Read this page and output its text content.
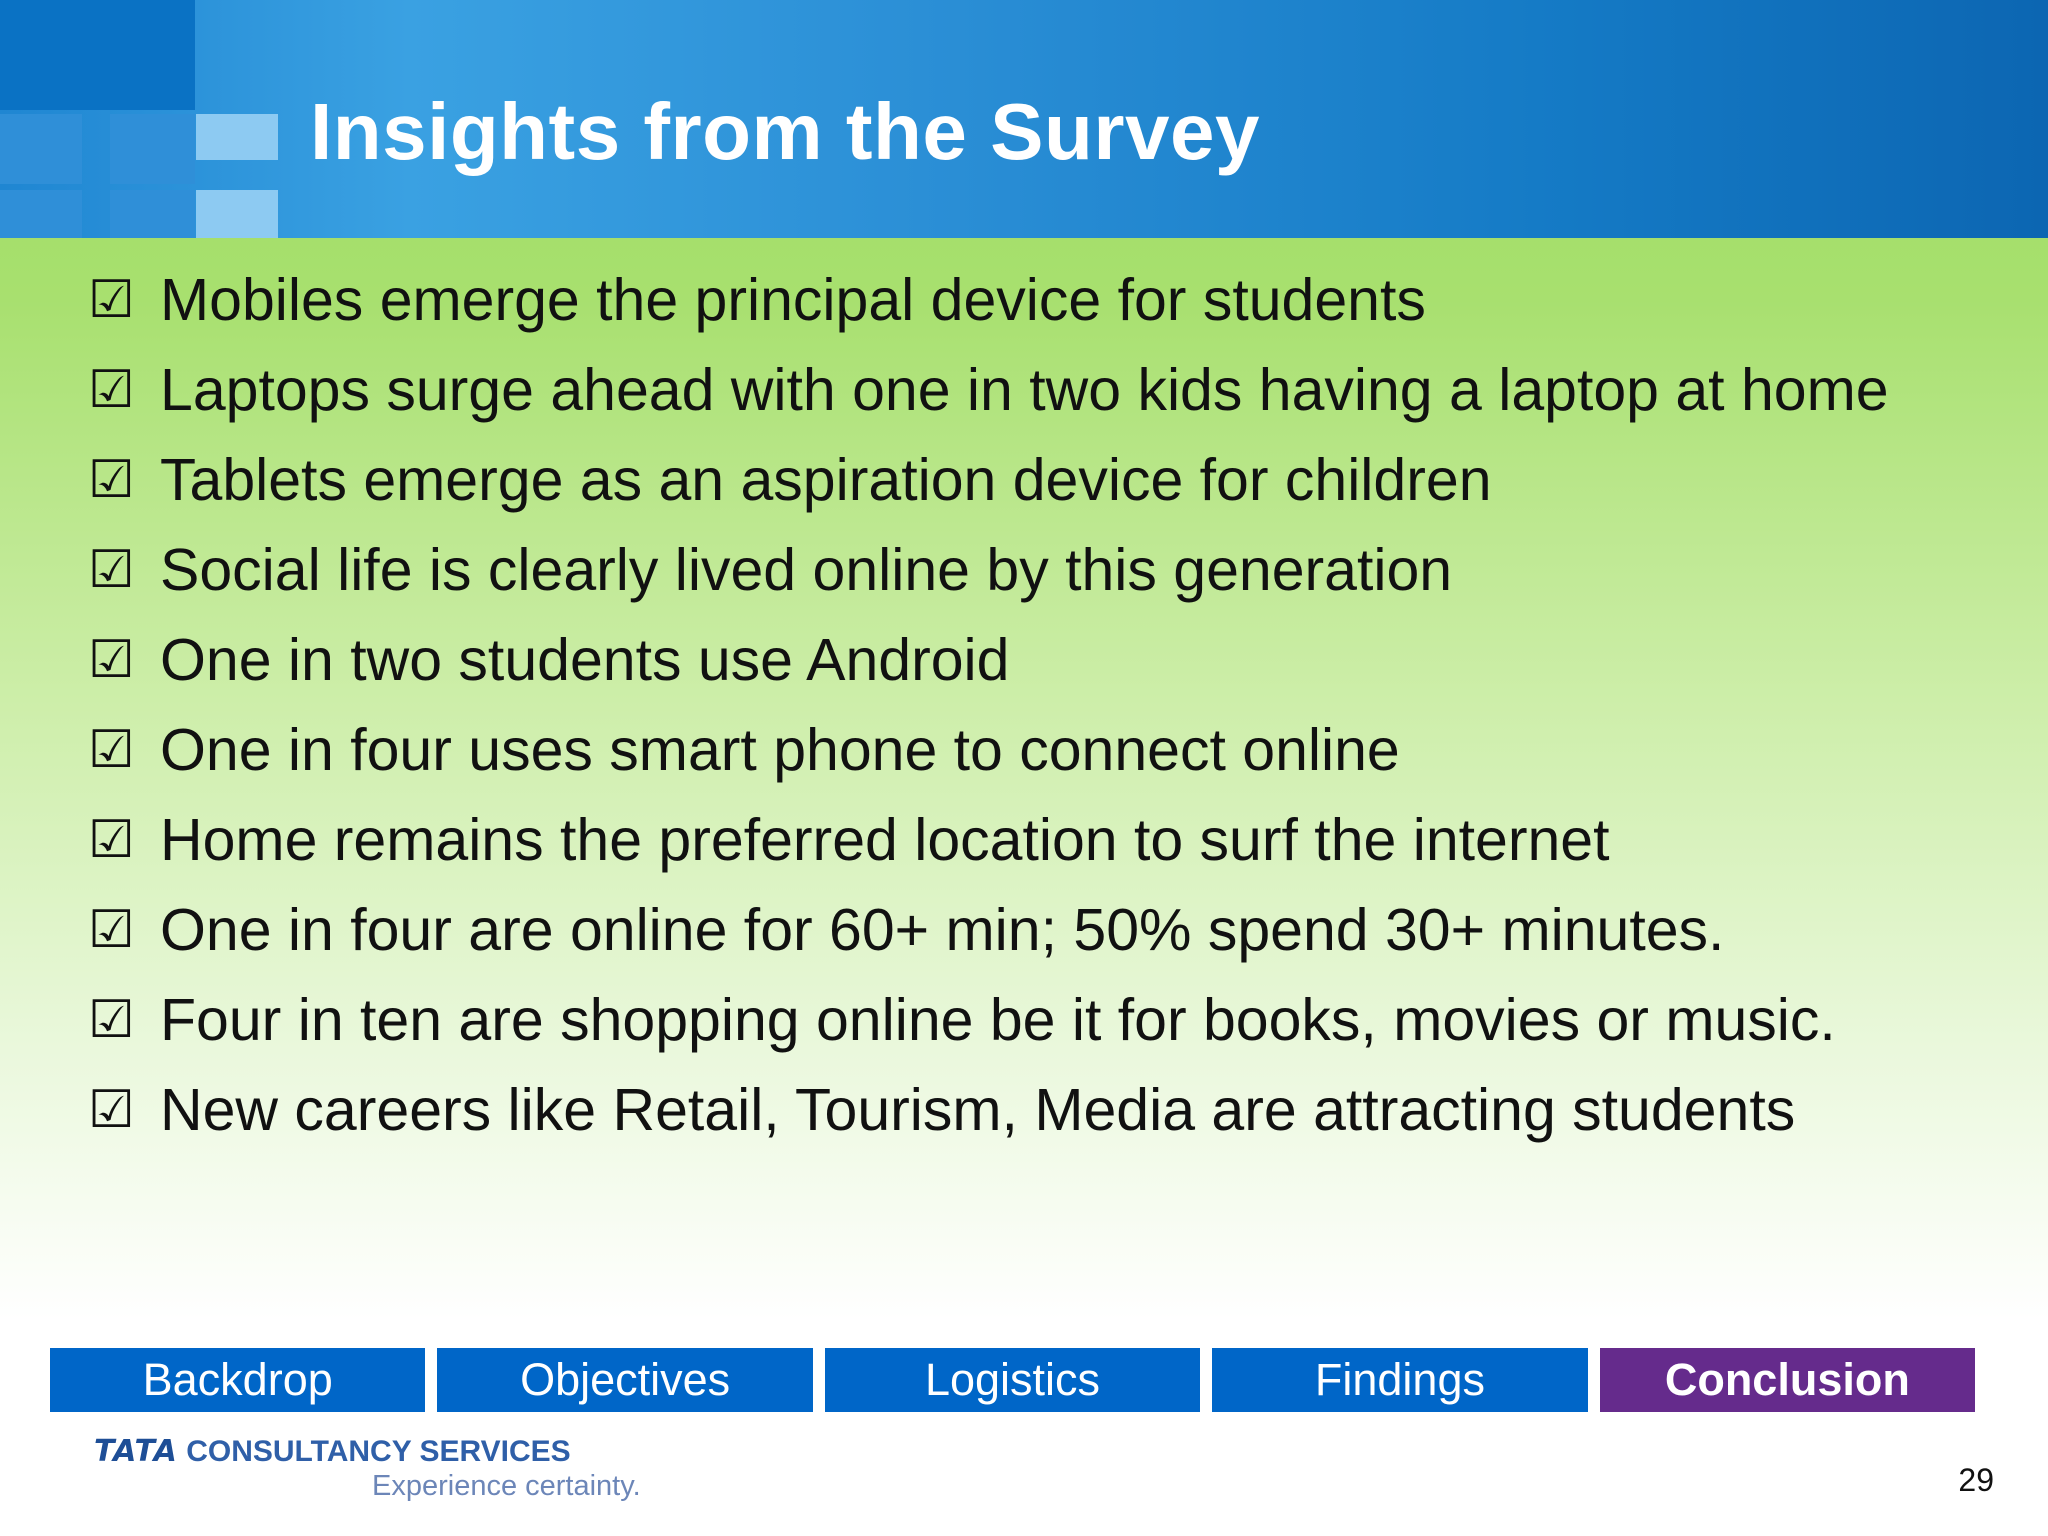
Insights from the Survey
☑ Mobiles emerge the principal device for students
☑ Laptops surge ahead with one in two kids having a laptop at home
☑ Tablets emerge as an aspiration device for children
☑ Social life is clearly lived online by this generation
☑ One in two students use Android
☑ One in four uses smart phone to connect online
☑ Home remains the preferred location to surf the internet
☑ One in four are online for 60+ min; 50% spend 30+ minutes.
☑ Four in ten are shopping online be it for books, movies or music.
☑ New careers like Retail, Tourism, Media are attracting students
Backdrop	Objectives	Logistics	Findings	Conclusion
TATA CONSULTANCY SERVICES
Experience certainty.	29
